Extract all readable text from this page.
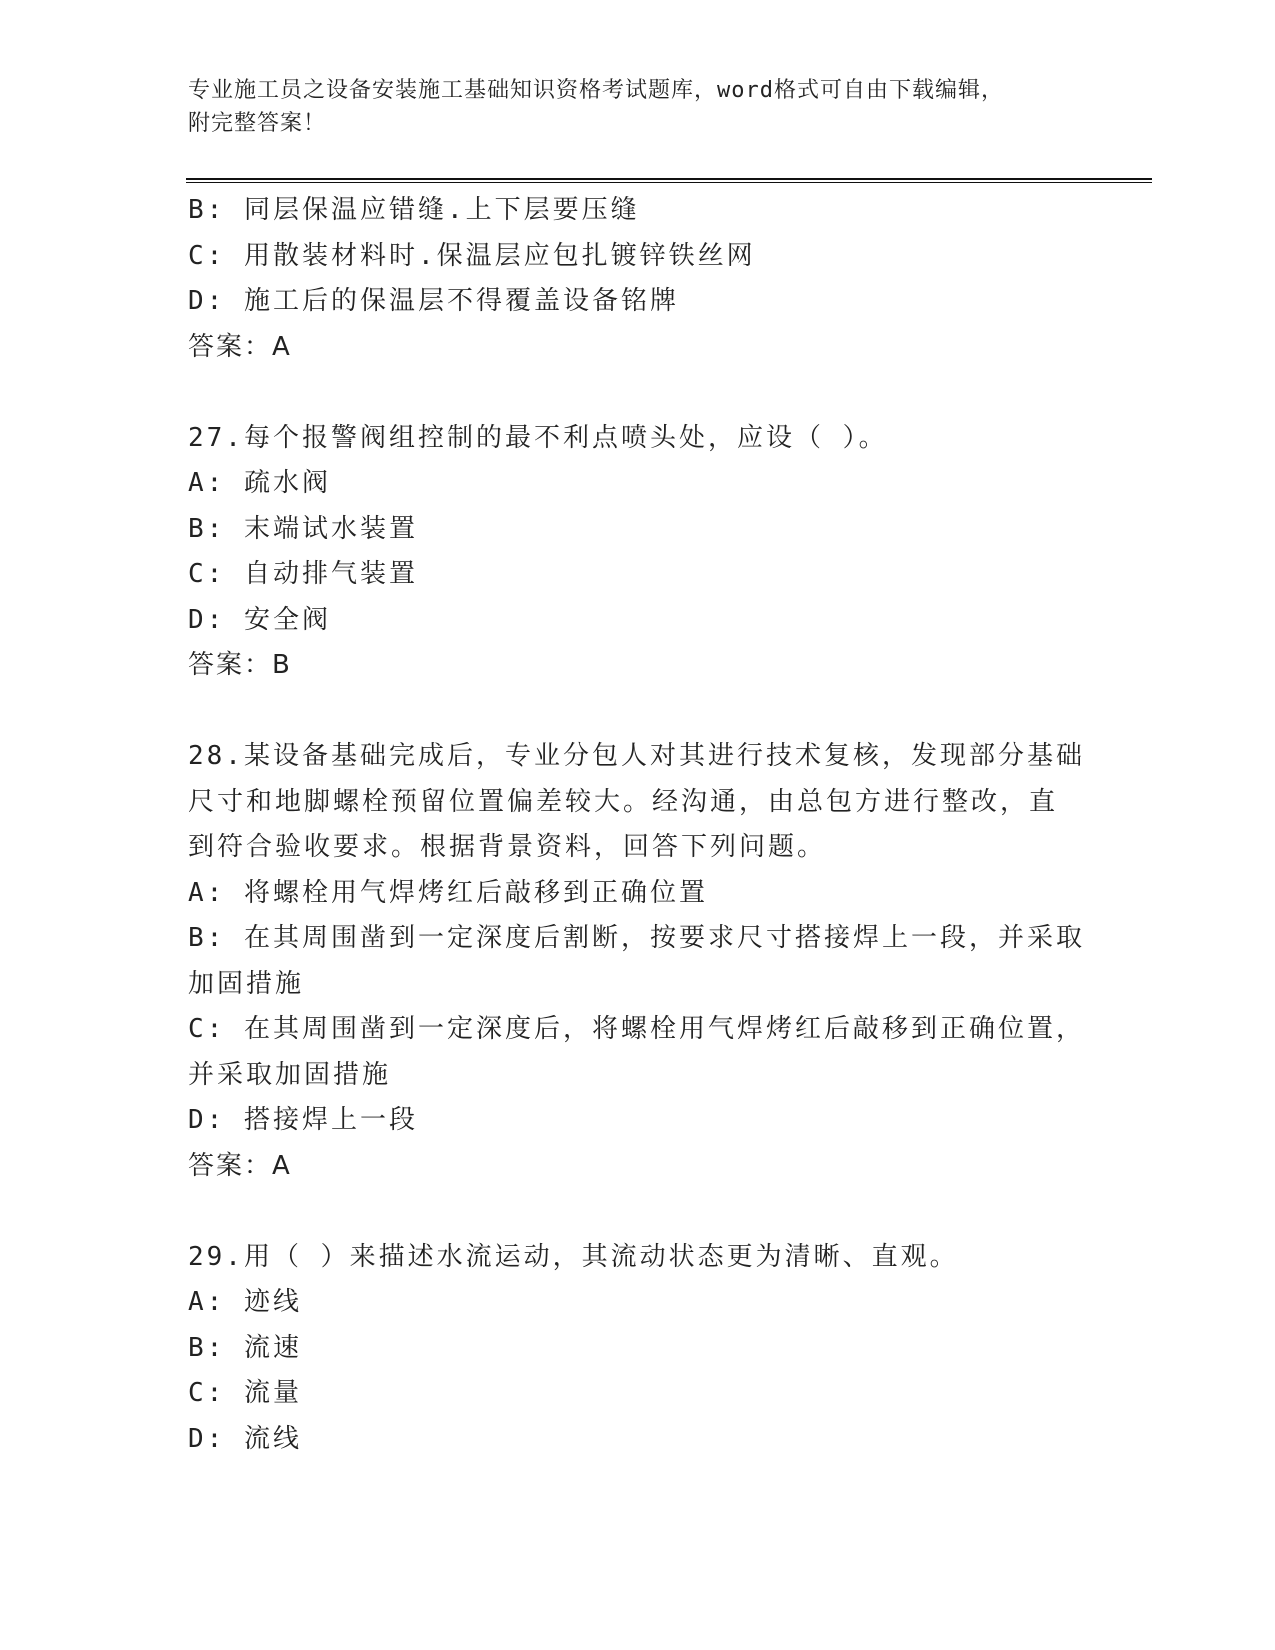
专业施工员之设备安装施工基础知识资格考试题库，word格式可自由下载编辑，
附完整答案！
B: 同层保温应错缝.上下层要压缝
C: 用散装材料时.保温层应包扎镀锌铁丝网
D: 施工后的保温层不得覆盖设备铭牌
答案：A
27.每个报警阀组控制的最不利点喷头处，应设（ ）。
A: 疏水阀
B: 末端试水装置
C: 自动排气装置
D: 安全阀
答案：B
28.某设备基础完成后，专业分包人对其进行技术复核，发现部分基础
尺寸和地脚螺栓预留位置偏差较大。经沟通，由总包方进行整改，直
到符合验收要求。根据背景资料，回答下列问题。
A: 将螺栓用气焊烤红后敲移到正确位置
B: 在其周围凿到一定深度后割断，按要求尺寸搭接焊上一段，并采取
加固措施
C: 在其周围凿到一定深度后，将螺栓用气焊烤红后敲移到正确位置，
并采取加固措施
D: 搭接焊上一段
答案：A
29.用（ ）来描述水流运动，其流动状态更为清晰、直观。
A: 迹线
B: 流速
C: 流量
D: 流线
